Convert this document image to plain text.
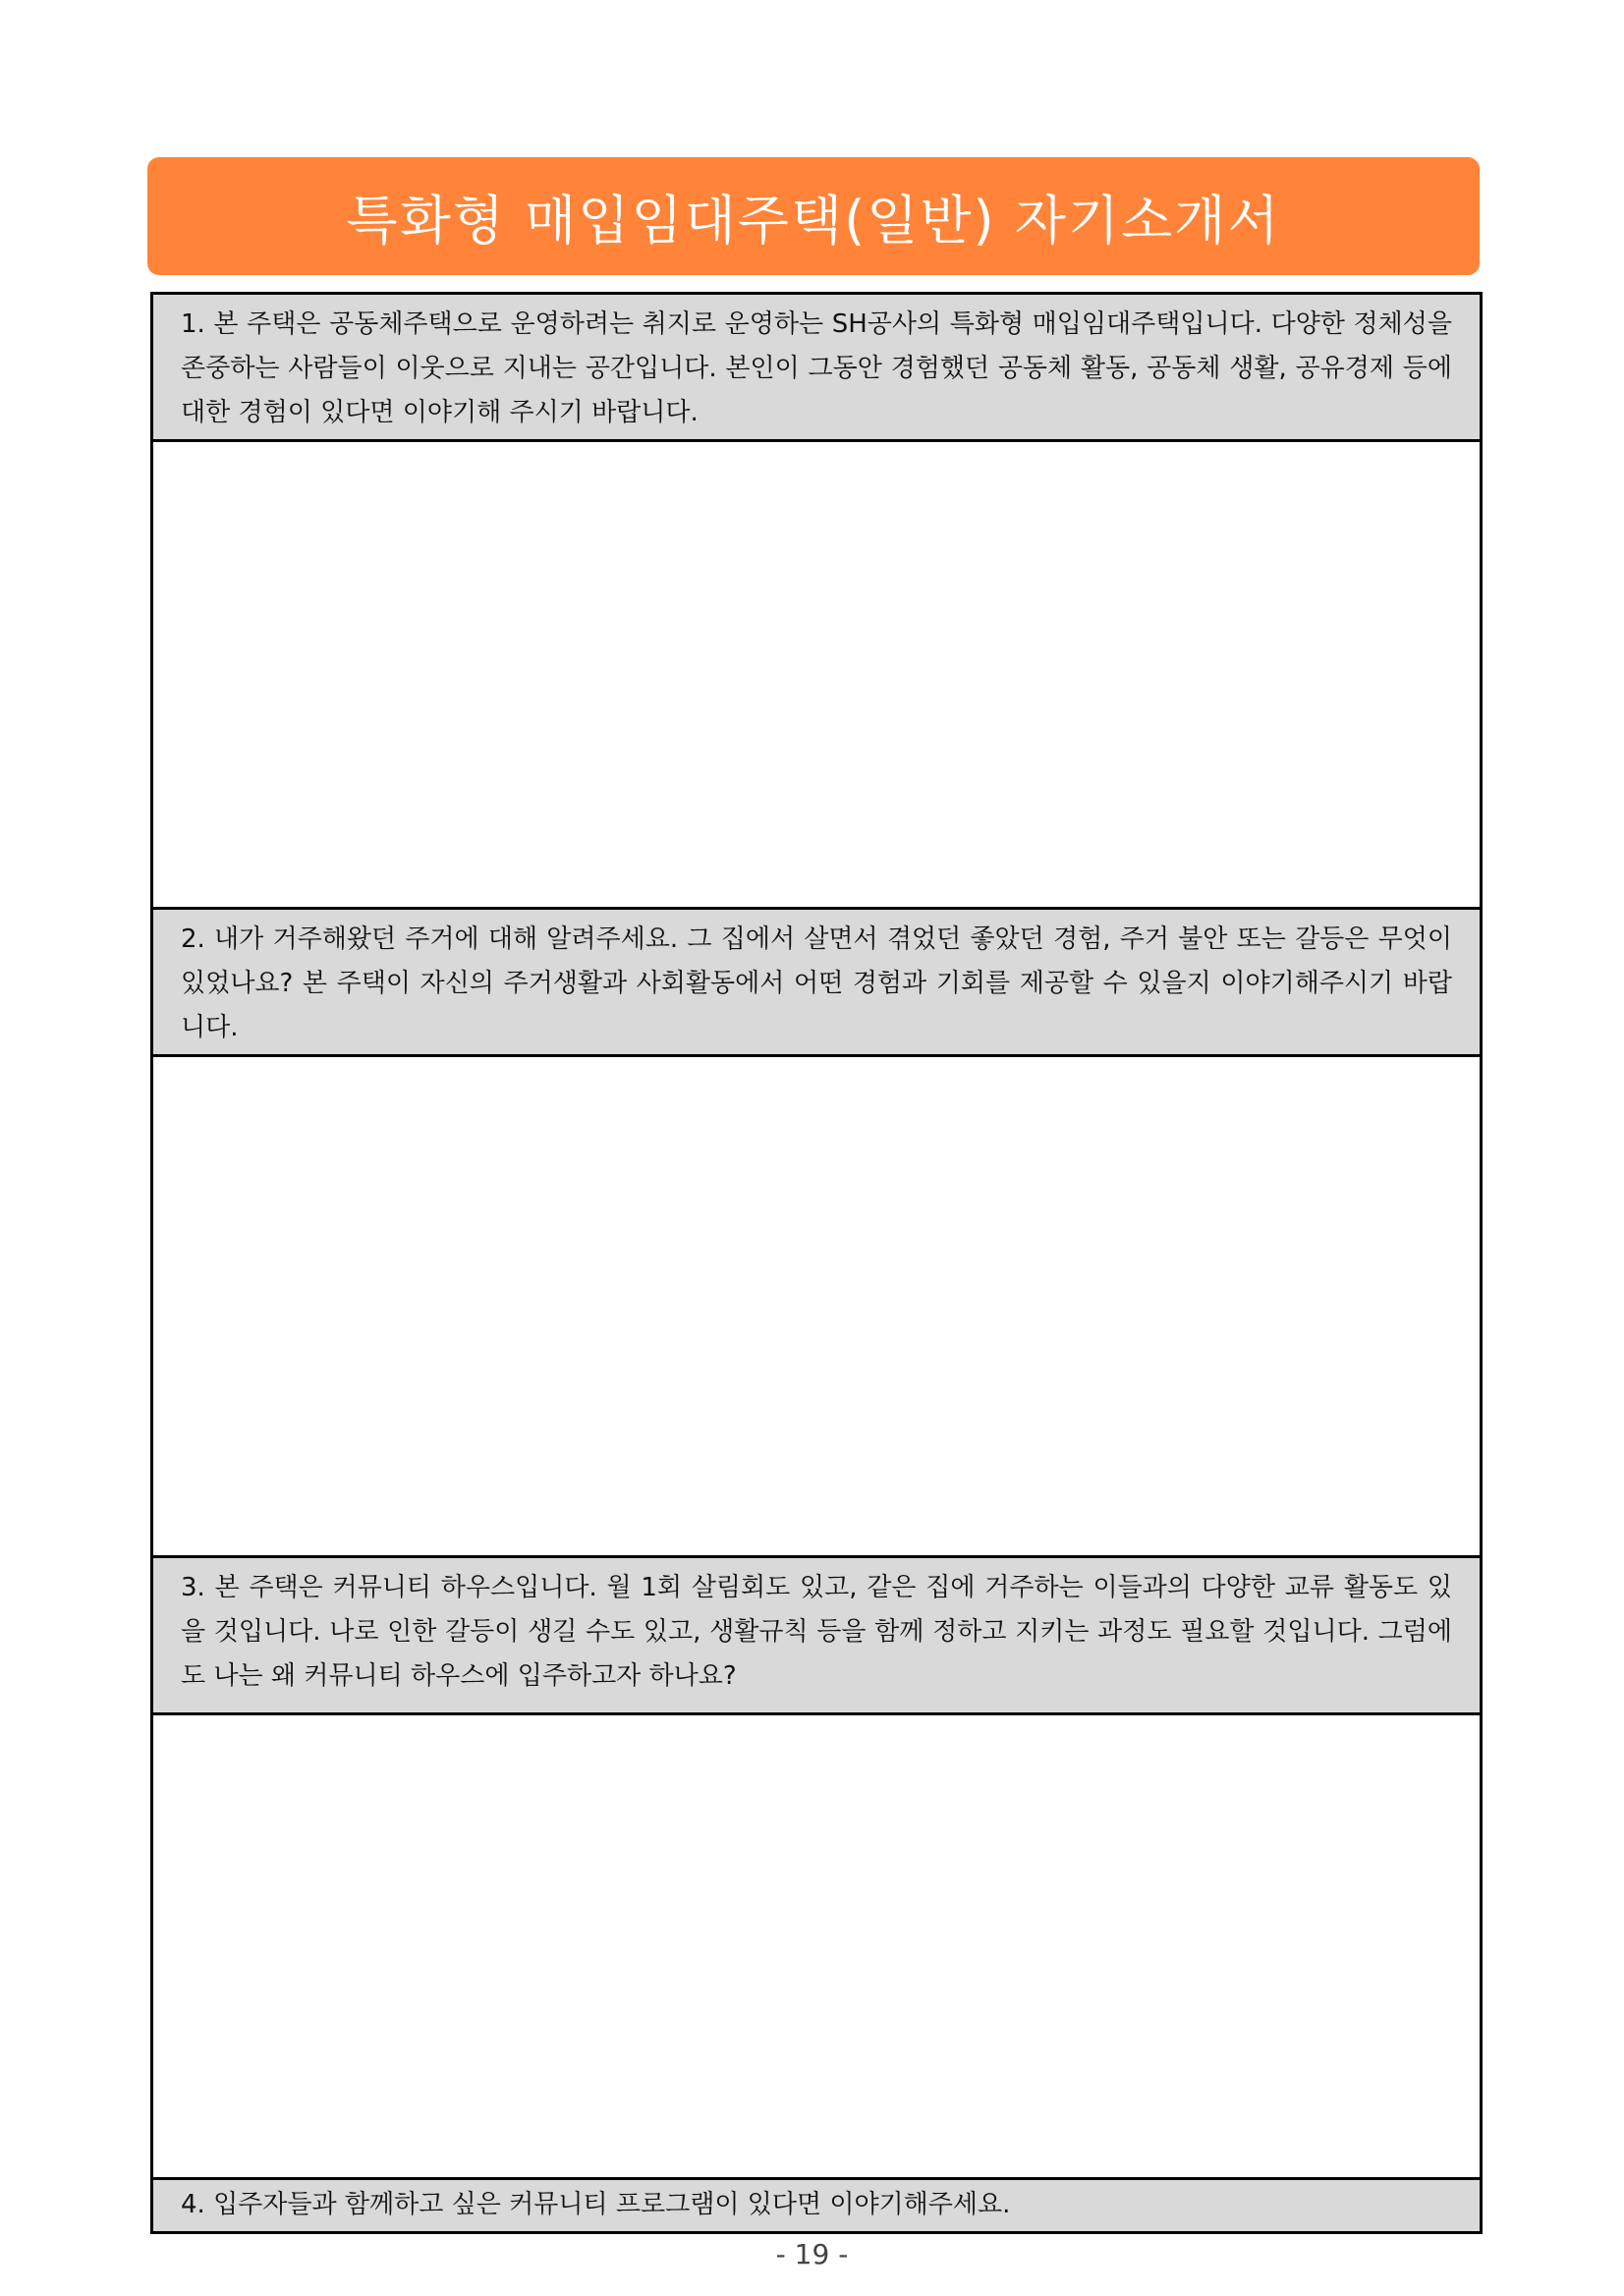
특화형 매입임대주택(일반) 자기소개서
1. 본 주택은 공동체주택으로 운영하려는 취지로 운영하는 SH공사의 특화형 매입임대주택입니다. 다양한 정체성을 존중하는 사람들이 이웃으로 지내는 공간입니다. 본인이 그동안 경험했던 공동체 활동, 공동체 생활, 공유경제 등에 대한 경험이 있다면 이야기해 주시기 바랍니다.
2. 내가 거주해왔던 주거에 대해 알려주세요. 그 집에서 살면서 겪었던 좋았던 경험, 주거 불안 또는 갈등은 무엇이 있었나요? 본 주택이 자신의 주거생활과 사회활동에서 어떤 경험과 기회를 제공할 수 있을지 이야기해주시기 바랍니다.
3. 본 주택은 커뮤니티 하우스입니다. 월 1회 살림회도 있고, 같은 집에 거주하는 이들과의 다양한 교류 활동도 있을 것입니다. 나로 인한 갈등이 생길 수도 있고, 생활규칙 등을 함께 정하고 지키는 과정도 필요할 것입니다. 그럼에도 나는 왜 커뮤니티 하우스에 입주하고자 하나요?
4. 입주자들과 함께하고 싶은 커뮤니티 프로그램이 있다면 이야기해주세요.
- 19 -
